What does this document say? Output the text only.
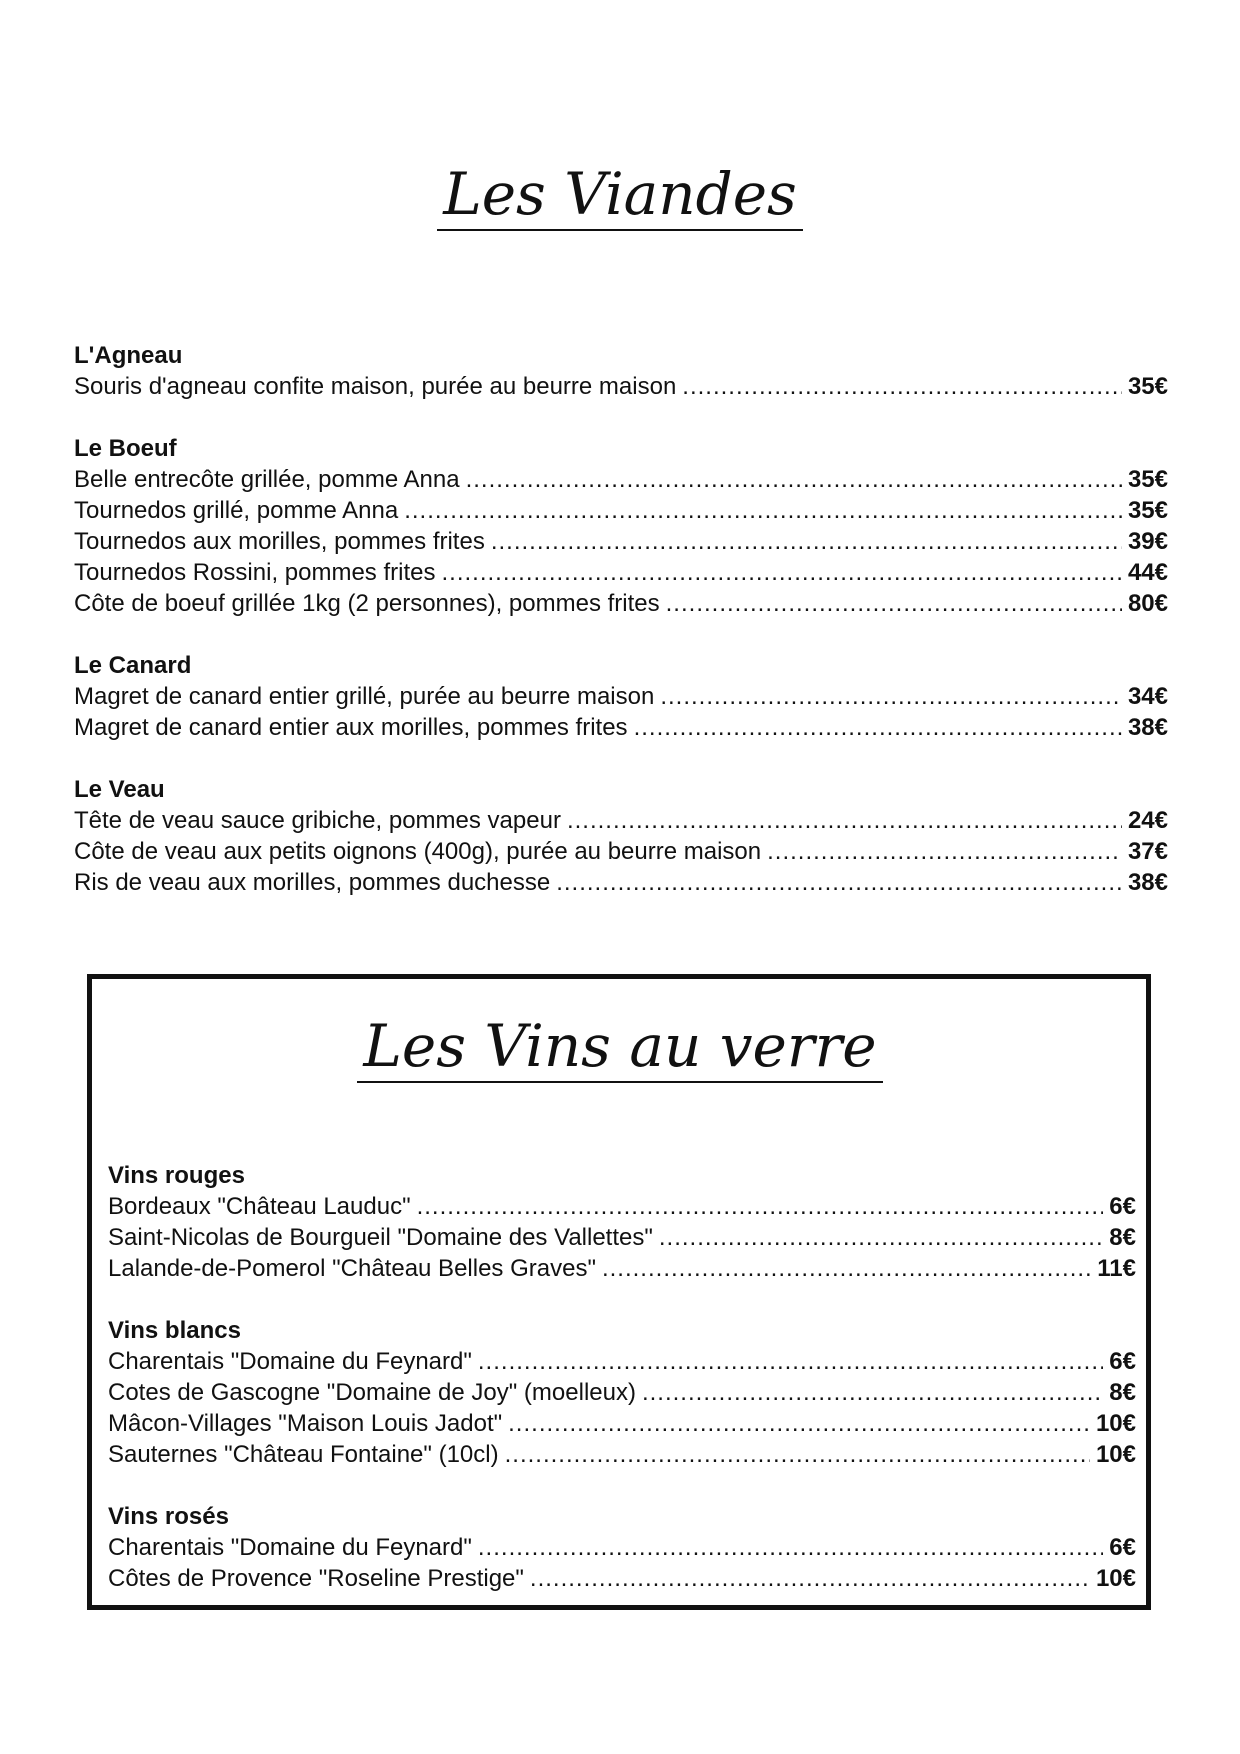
Les Viandes
L'Agneau
Souris d'agneau confite maison, purée au beurre maison .....	35€
Le Boeuf
Belle entrecôte grillée, pomme Anna .....	35€
Tournedos grillé, pomme Anna .....	35€
Tournedos aux morilles, pommes frites .....	39€
Tournedos Rossini, pommes frites .....	44€
Côte de boeuf grillée 1kg (2 personnes), pommes frites .....	80€
Le Canard
Magret de canard entier grillé, purée au beurre maison .....	34€
Magret de canard entier aux morilles, pommes frites .....	38€
Le Veau
Tête de veau sauce gribiche, pommes vapeur .....	24€
Côte de veau aux petits oignons (400g), purée au beurre maison .....	37€
Ris de veau aux morilles, pommes duchesse .....	38€
Les Vins au verre
Vins rouges
Bordeaux "Château Lauduc" .....	6€
Saint-Nicolas de Bourgueil "Domaine des Vallettes" .....	8€
Lalande-de-Pomerol "Château Belles Graves" .....	11€
Vins blancs
Charentais "Domaine du Feynard" .....	6€
Cotes de Gascogne "Domaine de Joy" (moelleux) .....	8€
Mâcon-Villages "Maison Louis Jadot" .....	10€
Sauternes "Château Fontaine" (10cl) .....	10€
Vins rosés
Charentais "Domaine du Feynard" .....	6€
Côtes de Provence "Roseline Prestige" .....	10€
